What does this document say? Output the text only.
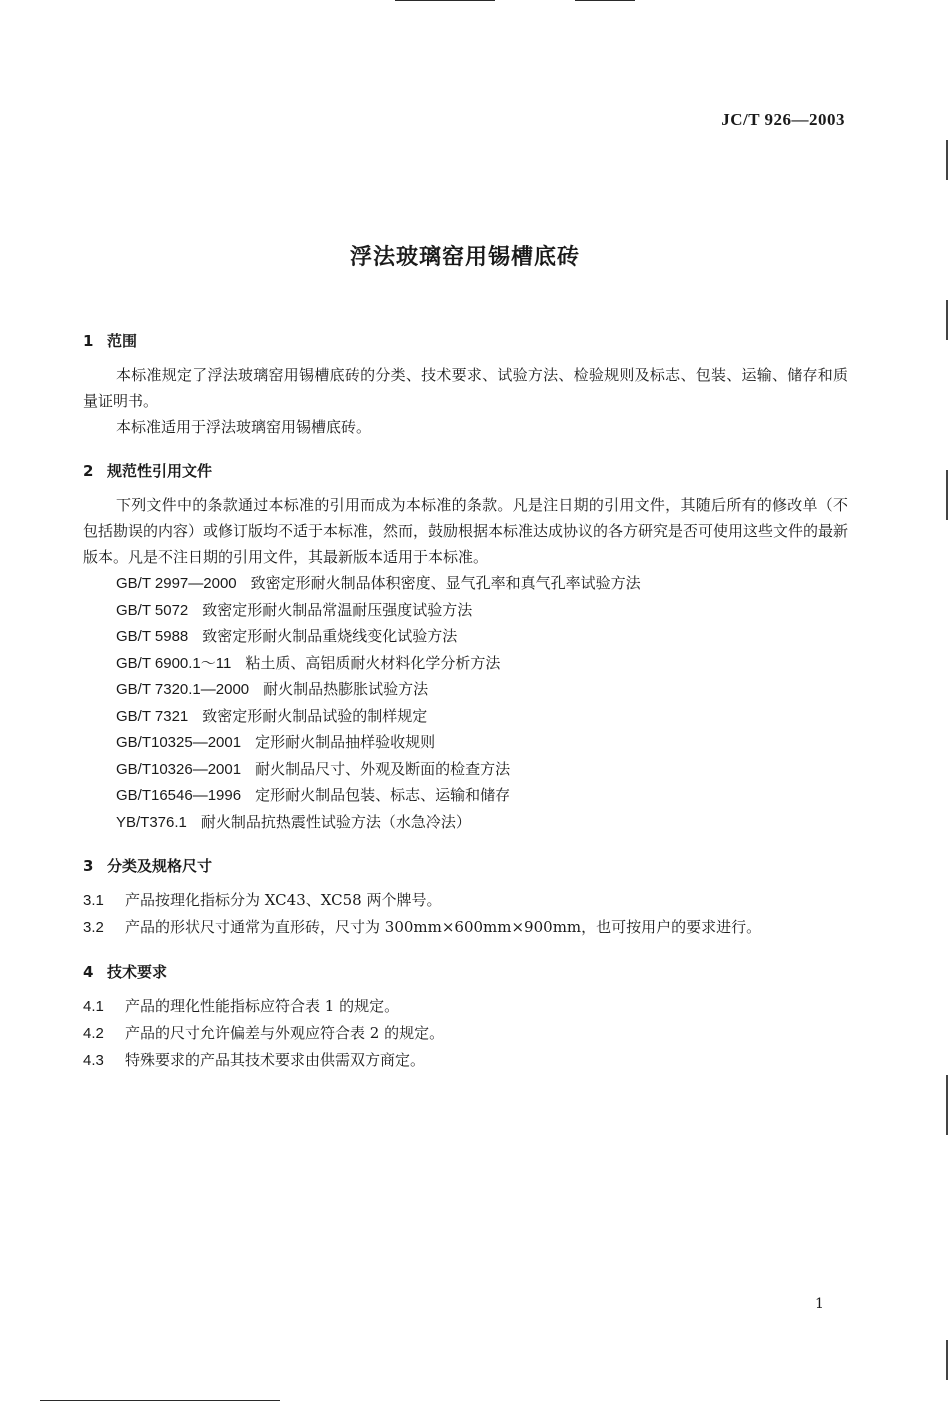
JC/T 926—2003
浮法玻璃窑用锡槽底砖
1 范围

本标准规定了浮法玻璃窑用锡槽底砖的分类、技术要求、试验方法、检验规则及标志、包装、运输、储存和质量证明书。

本标准适用于浮法玻璃窑用锡槽底砖。

2 规范性引用文件

下列文件中的条款通过本标准的引用而成为本标准的条款。凡是注日期的引用文件，其随后所有的修改单（不包括勘误的内容）或修订版均不适于本标准，然而，鼓励根据本标准达成协议的各方研究是否可使用这些文件的最新版本。凡是不注日期的引用文件，其最新版本适用于本标准。

GB/T 2997—2000 致密定形耐火制品体积密度、显气孔率和真气孔率试验方法
GB/T 5072 致密定形耐火制品常温耐压强度试验方法
GB/T 5988 致密定形耐火制品重烧线变化试验方法
GB/T 6900.1～11 粘土质、高铝质耐火材料化学分析方法
GB/T 7320.1—2000 耐火制品热膨胀试验方法
GB/T 7321 致密定形耐火制品试验的制样规定
GB/T10325—2001 定形耐火制品抽样验收规则
GB/T10326—2001 耐火制品尺寸、外观及断面的检查方法
GB/T16546—1996 定形耐火制品包装、标志、运输和储存
YB/T376.1 耐火制品抗热震性试验方法（水急冷法）
3 分类及规格尺寸
3.1 产品按理化指标分为 XC43、XC58 两个牌号。
3.2 产品的形状尺寸通常为直形砖，尺寸为 300mm×600mm×900mm，也可按用户的要求进行。
4 技术要求
4.1 产品的理化性能指标应符合表 1 的规定。
4.2 产品的尺寸允许偏差与外观应符合表 2 的规定。
4.3 特殊要求的产品其技术要求由供需双方商定。
1
